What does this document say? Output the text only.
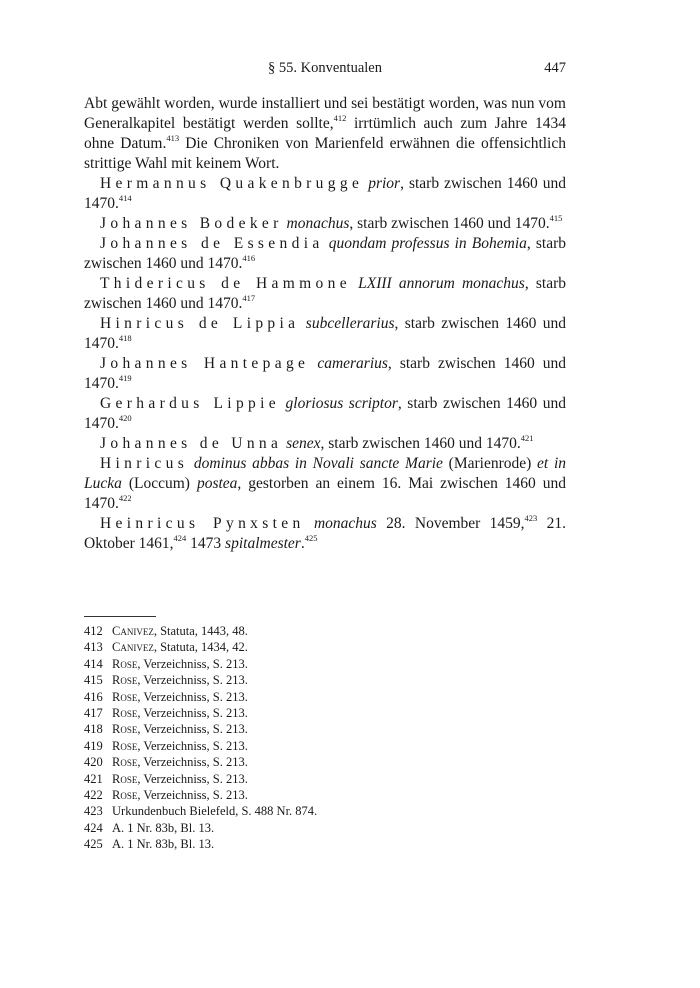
§ 55. Konventualen	447

Abt gewählt worden, wurde installiert und sei bestätigt worden, was nun vom Generalkapitel bestätigt werden sollte,$^{412}$ irrtümlich auch zum Jahre 1434 ohne Datum.$^{413}$ Die Chroniken von Marienfeld erwähnen die offensichtlich strittige Wahl mit keinem Wort.

Hermannus Quakenbrugge prior, starb zwischen 1460 und 1470.$^{414}$

Johannes Bodeker monachus, starb zwischen 1460 und 1470.$^{415}$

Johannes de Essendia quondam professus in Bohemia, starb zwischen 1460 und 1470.$^{416}$

Thidericus de Hammone LXIII annorum monachus, starb zwischen 1460 und 1470.$^{417}$

Hinricus de Lippia subcellerarius, starb zwischen 1460 und 1470.$^{418}$

Johannes Hantepage camerarius, starb zwischen 1460 und 1470.$^{419}$

Gerhardus Lippie gloriosus scriptor, starb zwischen 1460 und 1470.$^{420}$

Johannes de Unna senex, starb zwischen 1460 und 1470.$^{421}$

Hinricus dominus abbas in Novali sancte Marie (Marienrode) et in Lucka (Loccum) postea, gestorben an einem 16. Mai zwischen 1460 und 1470.$^{422}$

Heinricus Pynxsten monachus 28. November 1459,$^{423}$ 21. Oktober 1461,$^{424}$ 1473 spitalmester.$^{425}$

412 Canivez, Statuta, 1443, 48.
413 Canivez, Statuta, 1434, 42.
414 Rose, Verzeichniss, S. 213.
415 Rose, Verzeichniss, S. 213.
416 Rose, Verzeichniss, S. 213.
417 Rose, Verzeichniss, S. 213.
418 Rose, Verzeichniss, S. 213.
419 Rose, Verzeichniss, S. 213.
420 Rose, Verzeichniss, S. 213.
421 Rose, Verzeichniss, S. 213.
422 Rose, Verzeichniss, S. 213.
423 Urkundenbuch Bielefeld, S. 488 Nr. 874.
424 A. 1 Nr. 83b, Bl. 13.
425 A. 1 Nr. 83b, Bl. 13.
